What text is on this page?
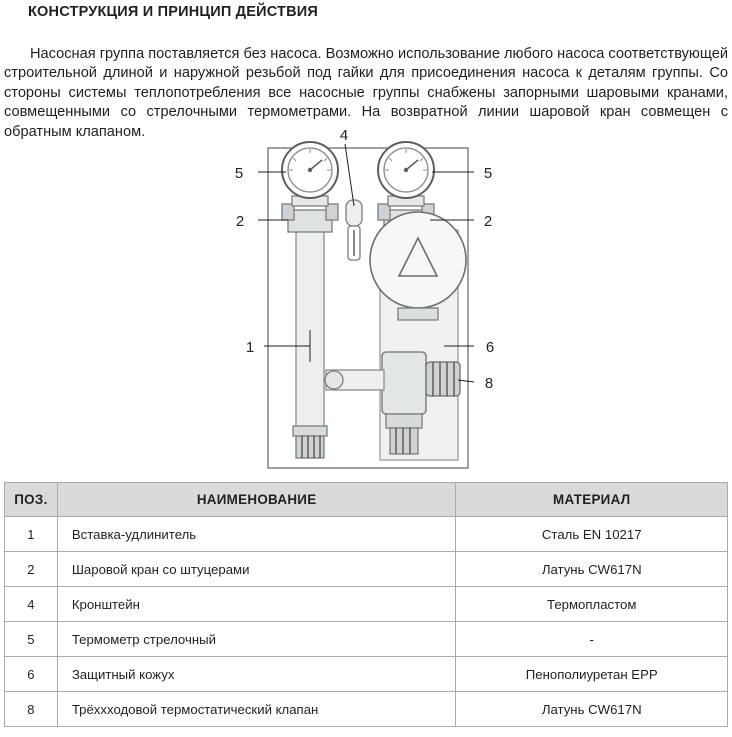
КОНСТРУКЦИЯ И ПРИНЦИП ДЕЙСТВИЯ

Насосная группа поставляется без насоса. Возможно использование любого насоса соответствующей строительной длиной и наружной резьбой под гайки для присоединения насоса к деталям группы. Со стороны системы теплопотребления все насосные группы снабжены запорными шаровыми кранами, совмещенными со стрелочными термометрами. На возвратной линии шаровой кран совмещен с обратным клапаном.

5	5
4
2	2
1	6
8
ПОЗ.	НАИМЕНОВАНИЕ	МАТЕРИАЛ
1	Вставка-удлинитель	Сталь EN 10217
2	Шаровой кран со штуцерами	Латунь CW617N
4	Кронштейн	Термопластом
5	Термометр стрелочный	-
6	Защитный кожух	Пенополиуретан EPP
8	Трёххходовой термостатический клапан	Латунь CW617N
